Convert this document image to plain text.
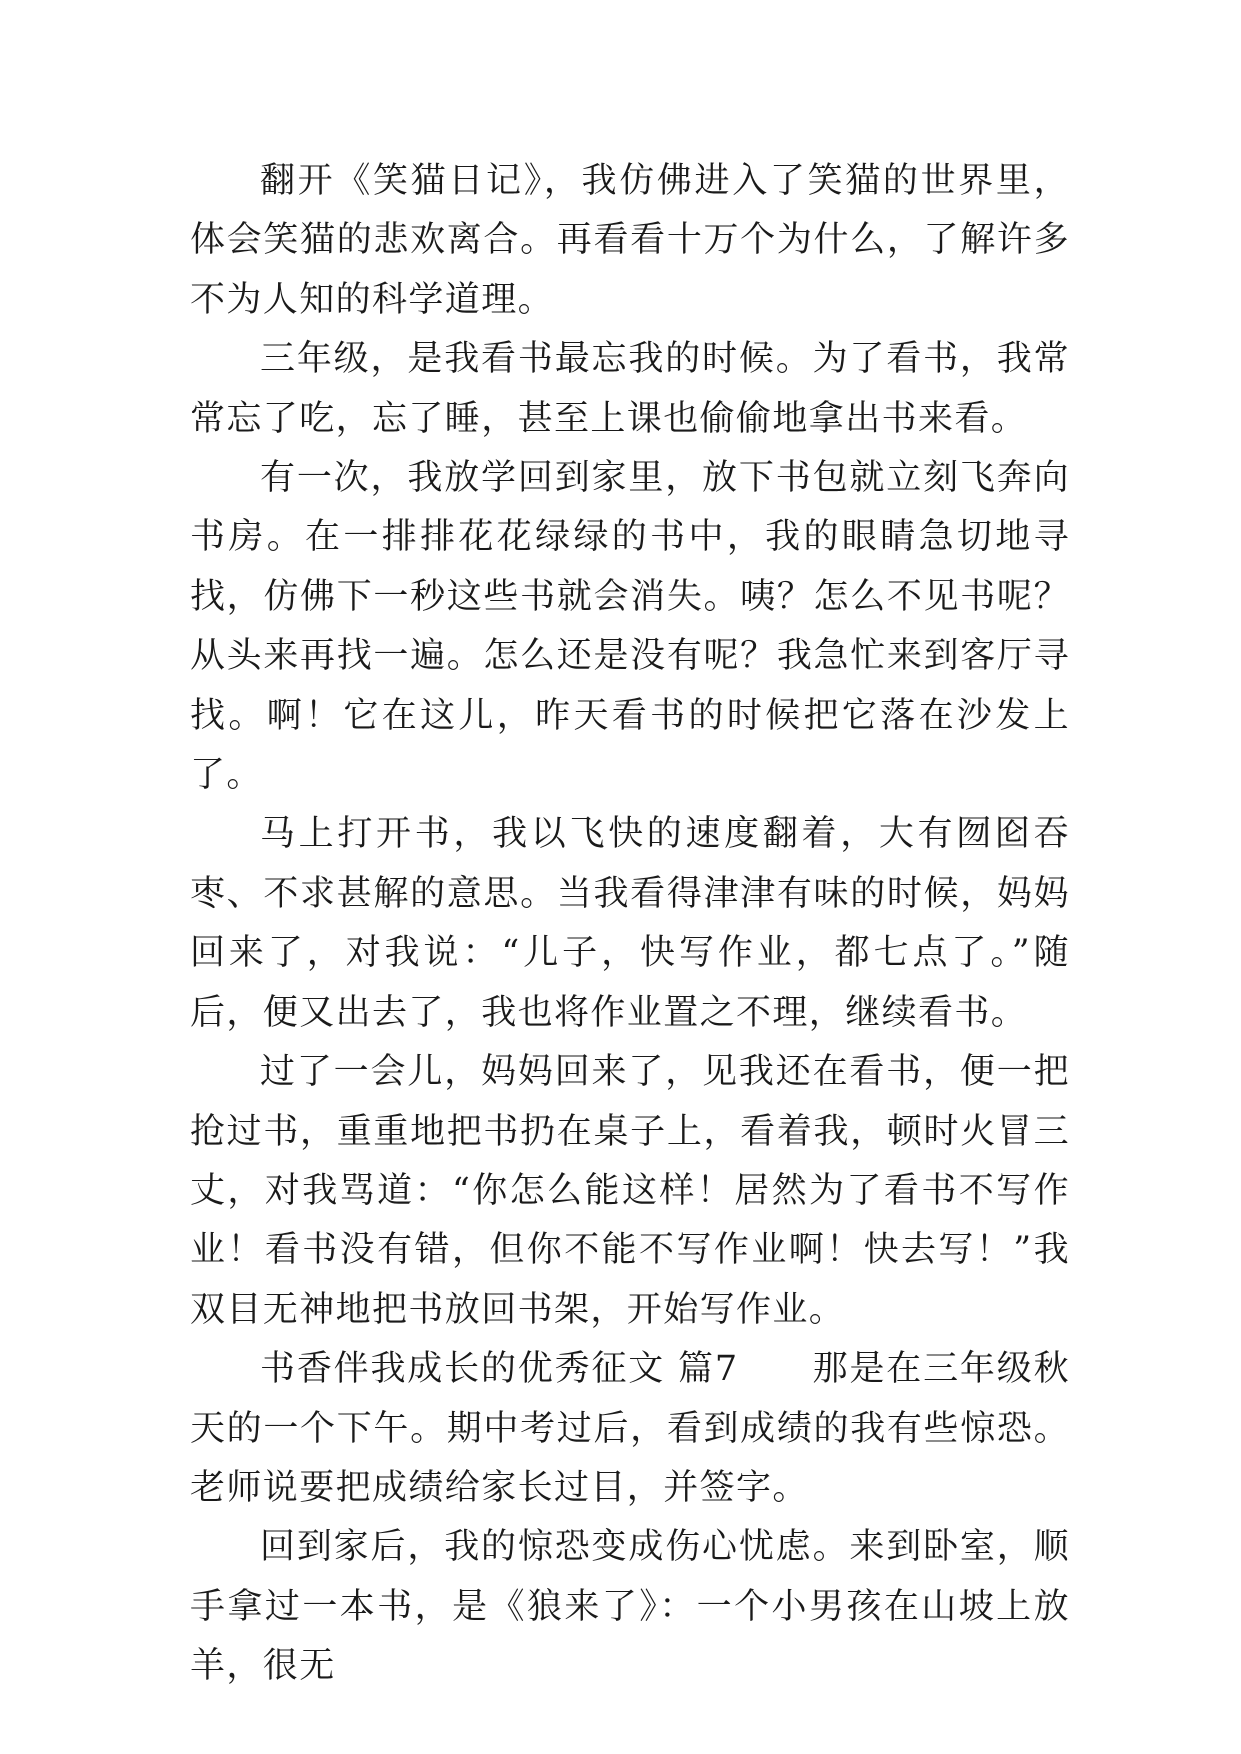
翻开《笑猫日记》，我仿佛进入了笑猫的世界里，体会笑猫的悲欢离合。再看看十万个为什么，了解许多不为人知的科学道理。

三年级，是我看书最忘我的时候。为了看书，我常常忘了吃，忘了睡，甚至上课也偷偷地拿出书来看。

有一次，我放学回到家里，放下书包就立刻飞奔向书房。在一排排花花绿绿的书中，我的眼睛急切地寻找，仿佛下一秒这些书就会消失。咦？怎么不见书呢？从头来再找一遍。怎么还是没有呢？我急忙来到客厅寻找。啊！它在这儿，昨天看书的时候把它落在沙发上了。

马上打开书，我以飞快的速度翻着，大有囫囵吞枣、不求甚解的意思。当我看得津津有味的时候，妈妈回来了，对我说：“儿子，快写作业，都七点了。”随后，便又出去了，我也将作业置之不理，继续看书。

过了一会儿，妈妈回来了，见我还在看书，便一把抢过书，重重地把书扔在桌子上，看着我，顿时火冒三丈，对我骂道：“你怎么能这样！居然为了看书不写作业！看书没有错，但你不能不写作业啊！快去写！”我双目无神地把书放回书架，开始写作业。

书香伴我成长的优秀征文 篇7　　那是在三年级秋天的一个下午。期中考过后，看到成绩的我有些惊恐。老师说要把成绩给家长过目，并签字。

回到家后，我的惊恐变成伤心忧虑。来到卧室，顺手拿过一本书，是《狼来了》：一个小男孩在山坡上放羊，很无
